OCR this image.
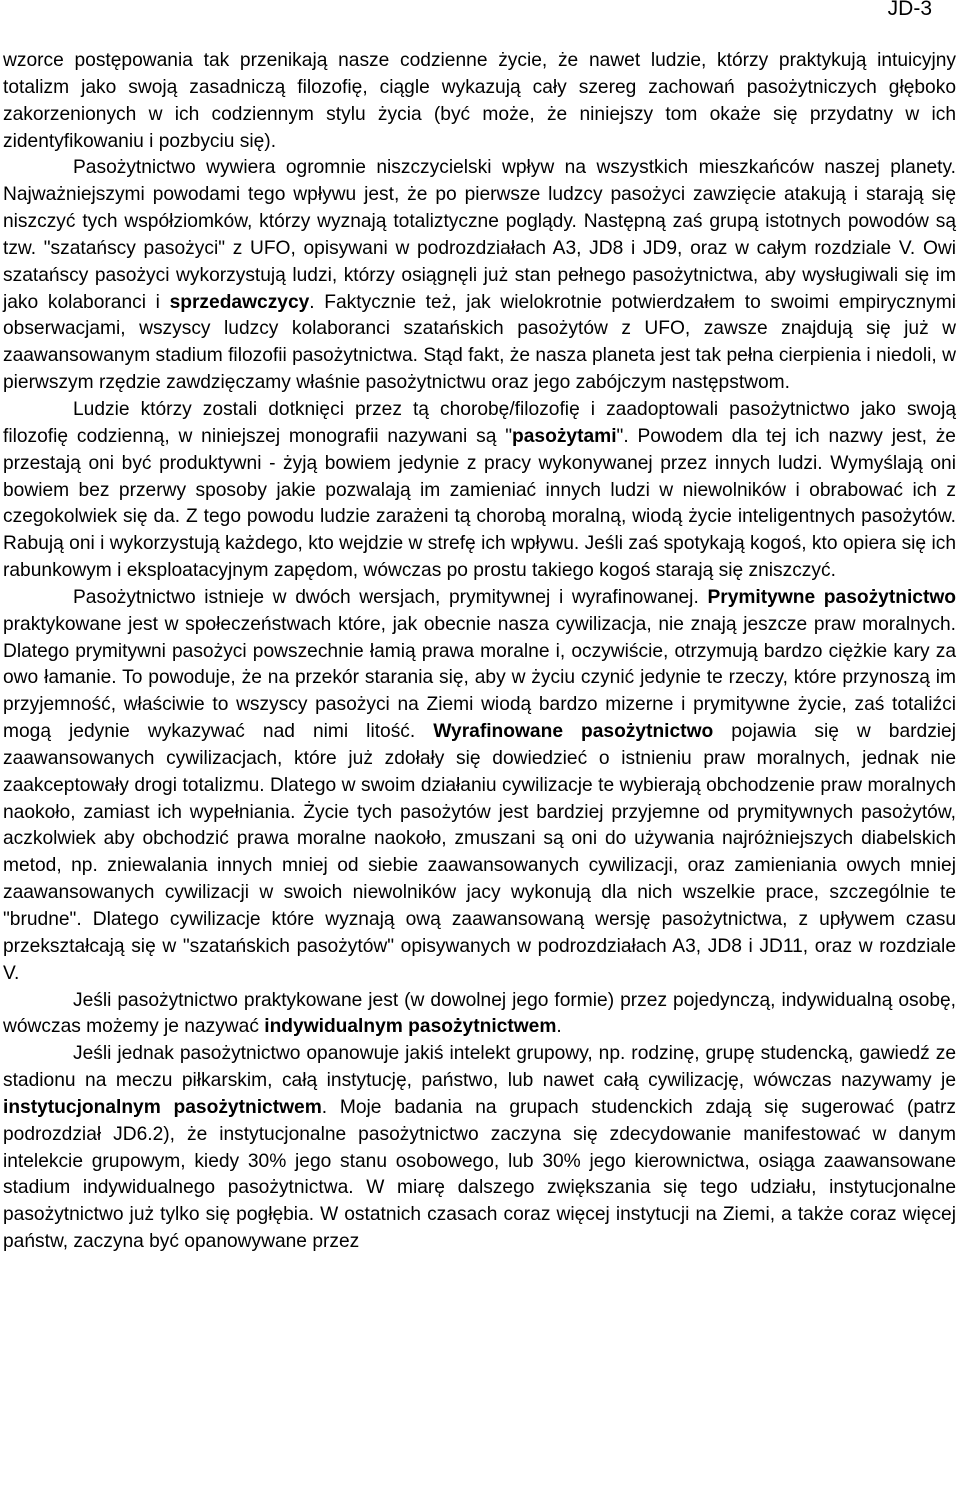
JD-3

wzorce postępowania tak przenikają nasze codzienne życie, że nawet ludzie, którzy praktykują intuicyjny totalizm jako swoją zasadniczą filozofię, ciągle wykazują cały szereg zachowań pasożytniczych głęboko zakorzenionych w ich codziennym stylu życia (być może, że niniejszy tom okaże się przydatny w ich zidentyfikowaniu i pozbyciu się).

Pasożytnictwo wywiera ogromnie niszczycielski wpływ na wszystkich mieszkańców naszej planety. Najważniejszymi powodami tego wpływu jest, że po pierwsze ludzcy pasożyci zawzięcie atakują i starają się niszczyć tych współziomków, którzy wyznają totaliztyczne poglądy. Następną zaś grupą istotnych powodów są tzw. "szatańscy pasożyci" z UFO, opisywani w podrozdziałach A3, JD8 i JD9, oraz w całym rozdziale V. Owi szatańscy pasożyci wykorzystują ludzi, którzy osiągnęli już stan pełnego pasożytnictwa, aby wysługiwali się im jako kolaboranci i sprzedawczycy. Faktycznie też, jak wielokrotnie potwierdzałem to swoimi empirycznymi obserwacjami, wszyscy ludzcy kolaboranci szatańskich pasożytów z UFO, zawsze znajdują się już w zaawansowanym stadium filozofii pasożytnictwa. Stąd fakt, że nasza planeta jest tak pełna cierpienia i niedoli, w pierwszym rzędzie zawdzięczamy właśnie pasożytnictwu oraz jego zabójczym następstwom.

Ludzie którzy zostali dotknięci przez tą chorobę/filozofię i zaadoptowali pasożytnictwo jako swoją filozofię codzienną, w niniejszej monografii nazywani są "pasożytami". Powodem dla tej ich nazwy jest, że przestają oni być produktywni - żyją bowiem jedynie z pracy wykonywanej przez innych ludzi. Wymyślają oni bowiem bez przerwy sposoby jakie pozwalają im zamieniać innych ludzi w niewolników i obrabować ich z czegokolwiek się da. Z tego powodu ludzie zarażeni tą chorobą moralną, wiodą życie inteligentnych pasożytów. Rabują oni i wykorzystują każdego, kto wejdzie w strefę ich wpływu. Jeśli zaś spotykają kogoś, kto opiera się ich rabunkowym i eksploatacyjnym zapędom, wówczas po prostu takiego kogoś starają się zniszczyć.

Pasożytnictwo istnieje w dwóch wersjach, prymitywnej i wyrafinowanej. Prymitywne pasożytnictwo praktykowane jest w społeczeństwach które, jak obecnie nasza cywilizacja, nie znają jeszcze praw moralnych. Dlatego prymitywni pasożyci powszechnie łamią prawa moralne i, oczywiście, otrzymują bardzo ciężkie kary za owo łamanie. To powoduje, że na przekór starania się, aby w życiu czynić jedynie te rzeczy, które przynoszą im przyjemność, właściwie to wszyscy pasożyci na Ziemi wiodą bardzo mizerne i prymitywne życie, zaś totaliźci mogą jedynie wykazywać nad nimi litość. Wyrafinowane pasożytnictwo pojawia się w bardziej zaawansowanych cywilizacjach, które już zdołały się dowiedzieć o istnieniu praw moralnych, jednak nie zaakceptowały drogi totalizmu. Dlatego w swoim działaniu cywilizacje te wybierają obchodzenie praw moralnych naokoło, zamiast ich wypełniania. Życie tych pasożytów jest bardziej przyjemne od prymitywnych pasożytów, aczkolwiek aby obchodzić prawa moralne naokoło, zmuszani są oni do używania najróżniejszych diabelskich metod, np. zniewalania innych mniej od siebie zaawansowanych cywilizacji, oraz zamieniania owych mniej zaawansowanych cywilizacji w swoich niewolników jacy wykonują dla nich wszelkie prace, szczególnie te "brudne". Dlatego cywilizacje które wyznają ową zaawansowaną wersję pasożytnictwa, z upływem czasu przekształcają się w "szatańskich pasożytów" opisywanych w podrozdziałach A3, JD8 i JD11, oraz w rozdziale V.

Jeśli pasożytnictwo praktykowane jest (w dowolnej jego formie) przez pojedynczą, indywidualną osobę, wówczas możemy je nazywać indywidualnym pasożytnictwem.

Jeśli jednak pasożytnictwo opanowuje jakiś intelekt grupowy, np. rodzinę, grupę studencką, gawiedź ze stadionu na meczu piłkarskim, całą instytucję, państwo, lub nawet całą cywilizację, wówczas nazywamy je instytucjonalnym pasożytnictwem. Moje badania na grupach studenckich zdają się sugerować (patrz podrozdział JD6.2), że instytucjonalne pasożytnictwo zaczyna się zdecydowanie manifestować w danym intelekcie grupowym, kiedy 30% jego stanu osobowego, lub 30% jego kierownictwa, osiąga zaawansowane stadium indywidualnego pasożytnictwa. W miarę dalszego zwiększania się tego udziału, instytucjonalne pasożytnictwo już tylko się pogłębia. W ostatnich czasach coraz więcej instytucji na Ziemi, a także coraz więcej państw, zaczyna być opanowywane przez
